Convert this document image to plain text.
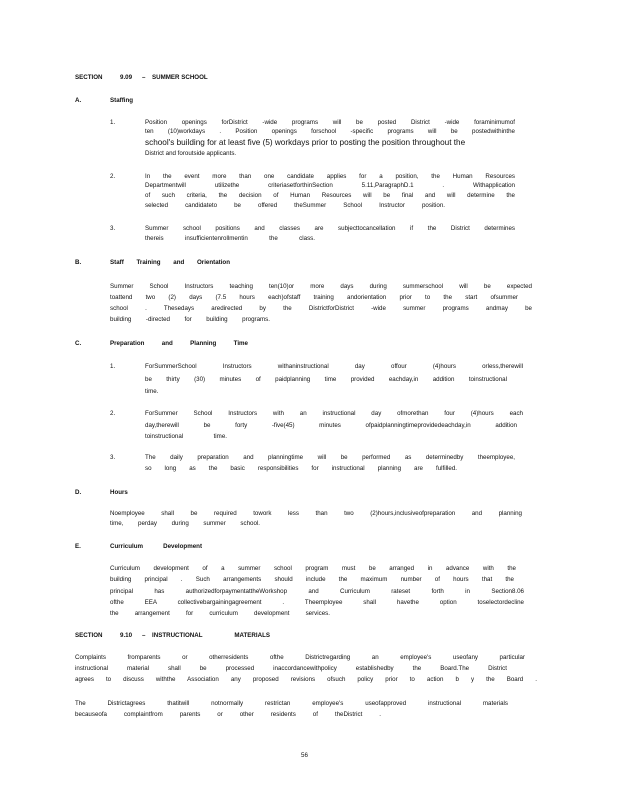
SECTION	9.09 – SUMMER SCHOOL
A.	Staffing
1.	Position openings forDistrict -wide programs will be posted District -wide foraminimumof
ten (10)workdays . Position openings forschool -specific programs will be postedwithinthe
school's building for at least five (5) workdays prior to posting the position throughout the
District and foroutside applicants.
2.	In the event more than one candidate applies for a position, the Human Resources
Departmentwill utilizethe criteriasetforthinSection 5.11,ParagraphD.1 . Withapplication
of such criteria, the decision of Human Resources will be final and will determine the
selected candidateto be offered theSummer School Instructor position.
3.	Summer school positions and classes are subjecttocancellation if the District determines
thereis insufficientenrollmentin the class.
B.	Staff Training and Orientation
Summer School Instructors teaching ten(10)or more days during summerschool will be expected
toattend two (2) days (7.5 hours each)ofstaff training andorientation prior to the start ofsummer
school . Thesedays aredirected by the DistrictforDistrict -wide summer programs andmay be
building -directed for building programs.
C.	Preparation and Planning Time
1.	ForSummerSchool Instructors withaninstructional day offour (4)hours orless,therewill
be thirty (30) minutes of paidplanning time provided eachday,in addition toinstructional
time.
2.	ForSummer School Instructors with an instructional day ofmorethan four (4)hours each
day,therewill be forty -five(45) minutes ofpaidplanningtimeprovidedeachday,in addition
toinstructional time.
3.	The daily preparation and planningtime will be performed as determinedby theemployee,
so long as the basic responsibilities for instructional planning are fulfilled.
D.	Hours
Noemployee shall be required towork less than two (2)hours,inclusiveofpreparation and planning
time, perday during summer school.
E.	Curriculum Development
Curriculum development of a summer school program must be arranged in advance with the
building principal . Such arrangements should include the maximum number of hours that the
principal has authorizedforpaymentattheWorkshop and Curriculum rateset forth in Section8.06
ofthe EEA collectivebargainingagreement . Theemployee shall havethe option toselectordecline
the arrangement for curriculum development services.
SECTION	9.10 – INSTRUCTIONAL MATERIALS
Complaints fromparents or otherresidents ofthe Districtregarding an employee's useofany particular
instructional material shall be processed inaccordancewithpolicy establishedby the Board.The District
agrees to discuss withthe Association any proposed revisions ofsuch policy prior to action b y the Board .
The Districtagrees thatitwill notnormally restrictan employee's useofapproved instructional materials
becauseofa complaintfrom parents or other residents of theDistrict .
56
